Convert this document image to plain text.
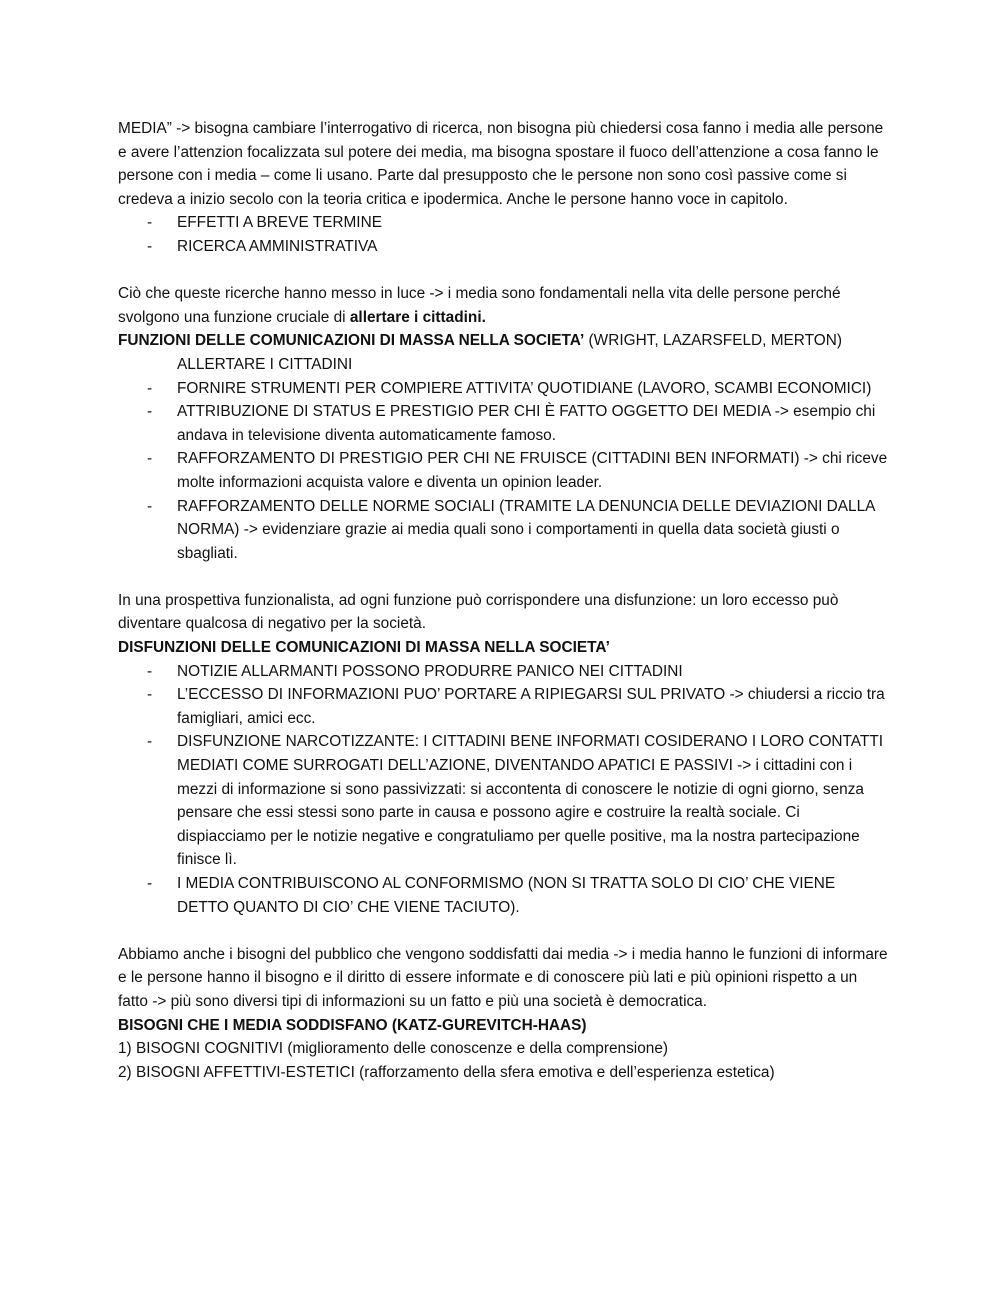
MEDIA” -> bisogna cambiare l’interrogativo di ricerca, non bisogna più chiedersi cosa fanno i media alle persone e avere l’attenzion focalizzata sul potere dei media, ma bisogna spostare il fuoco dell’attenzione a cosa fanno le persone con i media – come li usano. Parte dal presupposto che le persone non sono così passive come si credeva a inizio secolo con la teoria critica e ipodermica. Anche le persone hanno voce in capitolo.

- EFFETTI A BREVE TERMINE
- RICERCA AMMINISTRATIVA

Ciò che queste ricerche hanno messo in luce -> i media sono fondamentali nella vita delle persone perché svolgono una funzione cruciale di allertare i cittadini.

FUNZIONI DELLE COMUNICAZIONI DI MASSA NELLA SOCIETA’ (WRIGHT, LAZARSFELD, MERTON)

ALLERTARE I CITTADINI

- FORNIRE STRUMENTI PER COMPIERE ATTIVITA’ QUOTIDIANE (LAVORO, SCAMBI ECONOMICI)
- ATTRIBUZIONE DI STATUS E PRESTIGIO PER CHI È FATTO OGGETTO DEI MEDIA -> esempio chi andava in televisione diventa automaticamente famoso.
- RAFFORZAMENTO DI PRESTIGIO PER CHI NE FRUISCE (CITTADINI BEN INFORMATI) -> chi riceve molte informazioni acquista valore e diventa un opinion leader.
- RAFFORZAMENTO DELLE NORME SOCIALI (TRAMITE LA DENUNCIA DELLE DEVIAZIONI DALLA NORMA) -> evidenziare grazie ai media quali sono i comportamenti in quella data società giusti o sbagliati.

In una prospettiva funzionalista, ad ogni funzione può corrispondere una disfunzione: un loro eccesso può diventare qualcosa di negativo per la società.

DISFUNZIONI DELLE COMUNICAZIONI DI MASSA NELLA SOCIETA’

- NOTIZIE ALLARMANTI POSSONO PRODURRE PANICO NEI CITTADINI
- L’ECCESSO DI INFORMAZIONI PUO’ PORTARE A RIPIEGARSI SUL PRIVATO -> chiudersi a riccio tra famigliari, amici ecc.
- DISFUNZIONE NARCOTIZZANTE: I CITTADINI BENE INFORMATI COSIDERANO I LORO CONTATTI MEDIATI COME SURROGATI DELL’AZIONE, DIVENTANDO APATICI E PASSIVI -> i cittadini con i mezzi di informazione si sono passivizzati: si accontenta di conoscere le notizie di ogni giorno, senza pensare che essi stessi sono parte in causa e possono agire e costruire la realtà sociale. Ci dispiacciamo per le notizie negative e congratuliamo per quelle positive, ma la nostra partecipazione finisce lì.
- I MEDIA CONTRIBUISCONO AL CONFORMISMO (NON SI TRATTA SOLO DI CIO’ CHE VIENE DETTO QUANTO DI CIO’ CHE VIENE TACIUTO).

Abbiamo anche i bisogni del pubblico che vengono soddisfatti dai media -> i media hanno le funzioni di informare e le persone hanno il bisogno e il diritto di essere informate e di conoscere più lati e più opinioni rispetto a un fatto -> più sono diversi tipi di informazioni su un fatto e più una società è democratica.

BISOGNI CHE I MEDIA SODDISFANO (KATZ-GUREVITCH-HAAS)

1) BISOGNI COGNITIVI (miglioramento delle conoscenze e della comprensione)

2) BISOGNI AFFETTIVI-ESTETICI (rafforzamento della sfera emotiva e dell’esperienza estetica)
